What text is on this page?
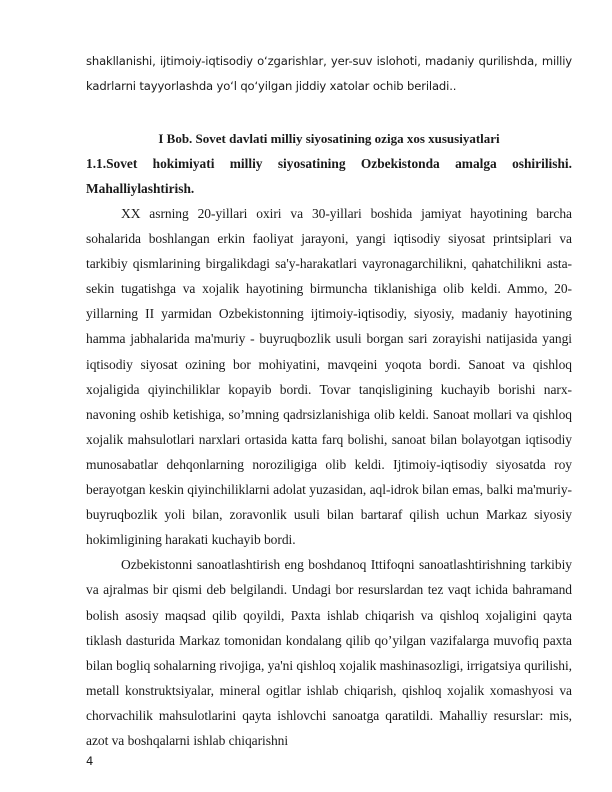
shakllanishi, ijtimoiy-iqtisodiy o‘zgarishlar, yer-suv islohoti, madaniy qurilishda, milliy kadrlarni tayyorlashda yo‘l qo‘yilgan jiddiy xatolar ochib beriladi..

I Bob. Sovet davlati milliy siyosatining oziga xos xususiyatlari
1.1.Sovet hokimiyati milliy siyosatining Ozbekistonda amalga oshirilishi.
Mahalliylashtirish.

XX asrning 20-yillari oxiri va 30-yillari boshida jamiyat hayotining barcha sohalarida boshlangan erkin faoliyat jarayoni, yangi iqtisodiy siyosat printsiplari va tarkibiy qismlarining birgalikdagi sa'y-harakatlari vayronagarchilikni, qahatchilikni asta-sekin tugatishga va xojalik hayotining birmuncha tiklanishiga olib keldi. Ammo, 20-yillarning II yarmidan Ozbekistonning ijtimoiy-iqtisodiy, siyosiy, madaniy hayotining hamma jabhalarida ma'muriy - buyruqbozlik usuli borgan sari zorayishi natijasida yangi iqtisodiy siyosat ozining bor mohiyatini, mavqeini yoqota bordi. Sanoat va qishloq xojaligida qiyinchiliklar kopayib bordi. Tovar tanqisligining kuchayib borishi narx-navoning oshib ketishiga, so’mning qadrsizlanishiga olib keldi. Sanoat mollari va qishloq xojalik mahsulotlari narxlari ortasida katta farq bolishi, sanoat bilan bolayotgan iqtisodiy munosabatlar dehqonlarning noroziligiga olib keldi. Ijtimoiy-iqtisodiy siyosatda roy berayotgan keskin qiyinchiliklarni adolat yuzasidan, aql-idrok bilan emas, balki ma'muriy-buyruqbozlik yoli bilan, zoravonlik usuli bilan bartaraf qilish uchun Markaz siyosiy hokimligining harakati kuchayib bordi.

Ozbekistonni sanoatlashtirish eng boshdanoq Ittifoqni sanoatlashtirishning tarkibiy va ajralmas bir qismi deb belgilandi. Undagi bor resurslardan tez vaqt ichida bahramand bolish asosiy maqsad qilib qoyildi, Paxta ishlab chiqarish va qishloq xojaligini qayta tiklash dasturida Markaz tomonidan kondalang qilib qo’yilgan vazifalarga muvofiq paxta bilan bogliq sohalarning rivojiga, ya'ni qishloq xojalik mashinasozligi, irrigatsiya qurilishi, metall konstruktsiyalar, mineral ogitlar ishlab chiqarish, qishloq xojalik xomashyosi va chorvachilik mahsulotlarini qayta ishlovchi sanoatga qaratildi. Mahalliy resurslar: mis, azot va boshqalarni ishlab chiqarishni

4
